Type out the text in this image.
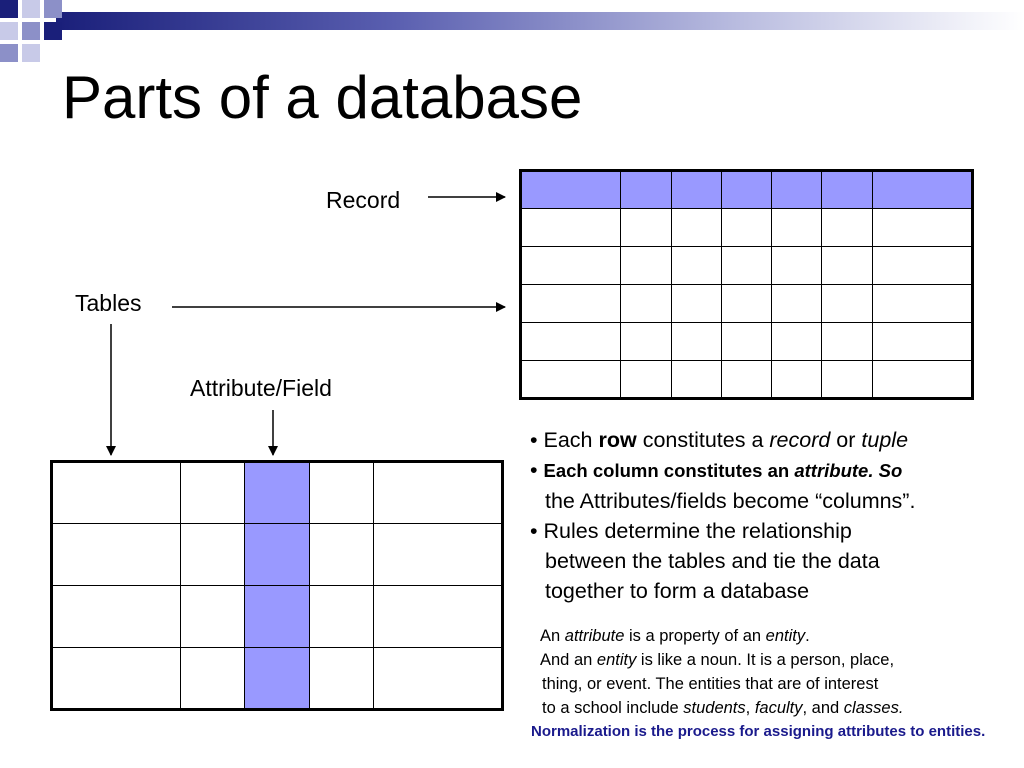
Parts of a database
Record
Tables
Attribute/Field

• Each row constitutes a record or tuple
• Each column constitutes an attribute. So
the Attributes/fields become “columns”.
• Rules determine the relationship
between the tables and tie the data
together to form a database
An attribute is a property of an entity.
And an entity is like a noun. It is a person, place,
thing, or event. The entities that are of interest
to a school include students, faculty, and classes.
Normalization is the process for assigning attributes to entities.
